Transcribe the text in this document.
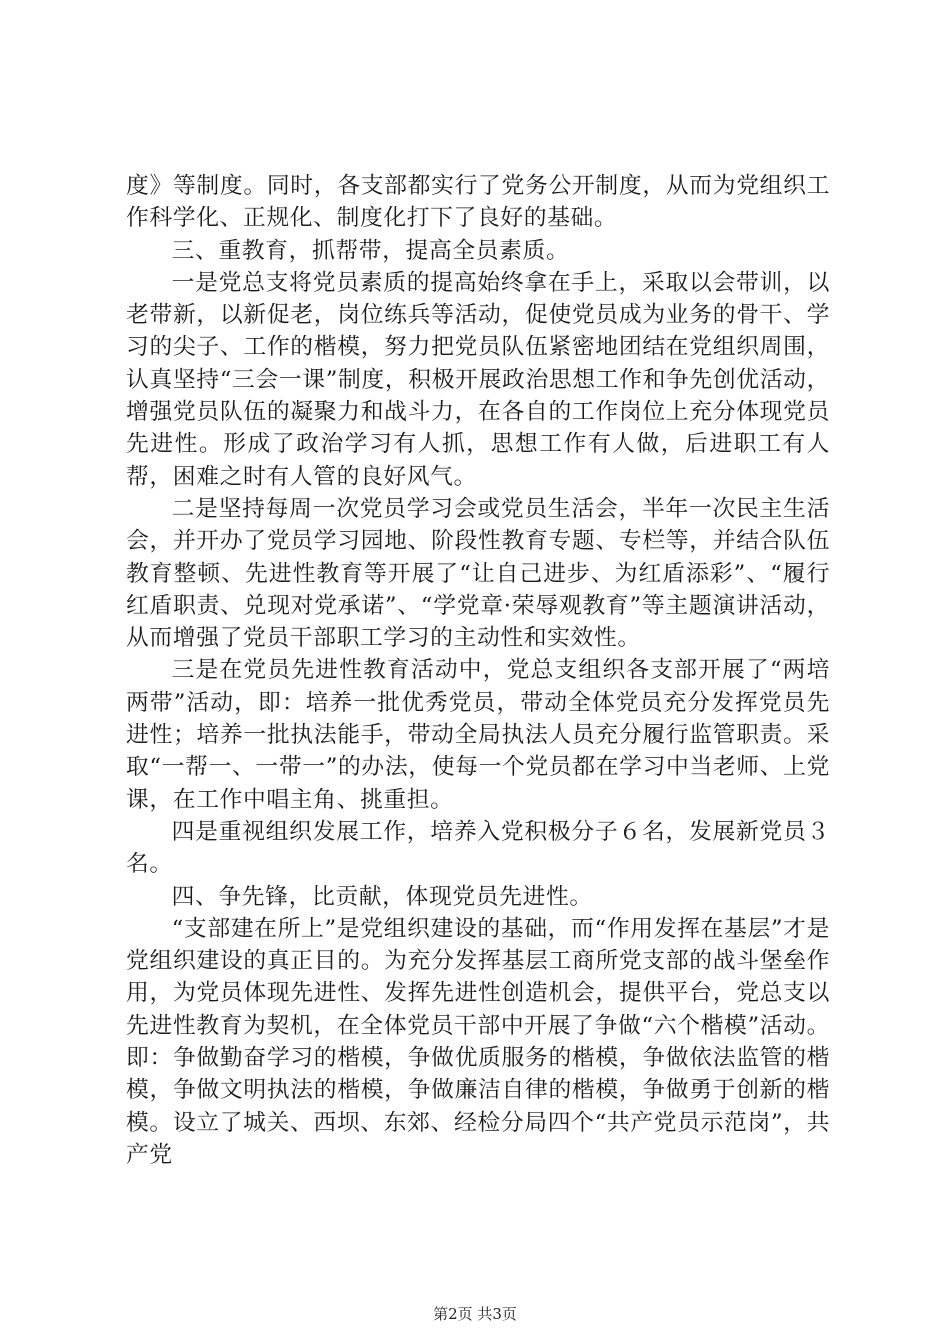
度》等制度。同时，各支部都实行了党务公开制度，从而为党组织工作科学化、正规化、制度化打下了良好的基础。

三、重教育，抓帮带，提高全员素质。

一是党总支将党员素质的提高始终拿在手上，采取以会带训，以老带新，以新促老，岗位练兵等活动，促使党员成为业务的骨干、学习的尖子、工作的楷模，努力把党员队伍紧密地团结在党组织周围，认真坚持“三会一课”制度，积极开展政治思想工作和争先创优活动，增强党员队伍的凝聚力和战斗力，在各自的工作岗位上充分体现党员先进性。形成了政治学习有人抓，思想工作有人做，后进职工有人帮，困难之时有人管的良好风气。

二是坚持每周一次党员学习会或党员生活会，半年一次民主生活会，并开办了党员学习园地、阶段性教育专题、专栏等，并结合队伍教育整顿、先进性教育等开展了“让自己进步、为红盾添彩”、“履行红盾职责、兑现对党承诺”、“学党章·荣辱观教育”等主题演讲活动，从而增强了党员干部职工学习的主动性和实效性。

三是在党员先进性教育活动中，党总支组织各支部开展了“两培两带”活动，即：培养一批优秀党员，带动全体党员充分发挥党员先进性；培养一批执法能手，带动全局执法人员充分履行监管职责。采取“一帮一、一带一”的办法，使每一个党员都在学习中当老师、上党课，在工作中唱主角、挑重担。

四是重视组织发展工作，培养入党积极分子６名，发展新党员３名。

四、争先锋，比贡献，体现党员先进性。

“支部建在所上”是党组织建设的基础，而“作用发挥在基层”才是党组织建设的真正目的。为充分发挥基层工商所党支部的战斗堡垒作用，为党员体现先进性、发挥先进性创造机会，提供平台，党总支以先进性教育为契机，在全体党员干部中开展了争做“六个楷模”活动。即：争做勤奋学习的楷模，争做优质服务的楷模，争做依法监管的楷模，争做文明执法的楷模，争做廉洁自律的楷模，争做勇于创新的楷模。设立了城关、西坝、东郊、经检分局四个“共产党员示范岗”，共产党

第2页 共3页
